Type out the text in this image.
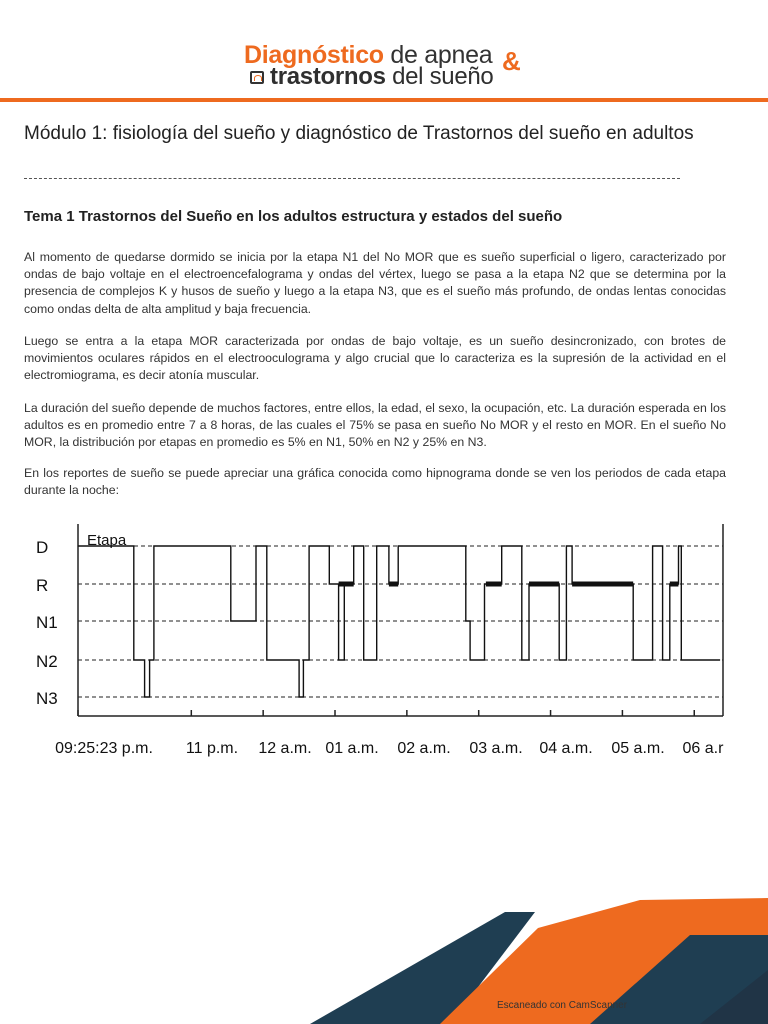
Diagnóstico de apnea &
trastornos del sueño
Módulo 1: fisiología del sueño y diagnóstico de Trastornos del sueño en adultos
Tema 1 Trastornos del Sueño en los adultos estructura y estados del sueño

Al momento de quedarse dormido se inicia por la etapa N1 del No MOR que es sueño superficial o ligero, caracterizado por ondas de bajo voltaje en el electroencefalograma y ondas del vértex, luego se pasa a la etapa N2 que se determina por la presencia de complejos K y husos de sueño y luego a la etapa N3, que es el sueño más profundo, de ondas lentas conocidas como ondas delta de alta amplitud y baja frecuencia.

Luego se entra a la etapa MOR caracterizada por ondas de bajo voltaje, es un sueño desincronizado, con brotes de movimientos oculares rápidos en el electrooculograma y algo crucial que lo caracteriza es la supresión de la actividad en el electromiograma, es decir atonía muscular.

La duración del sueño depende de muchos factores, entre ellos, la edad, el sexo, la ocupación, etc. La duración esperada en los adultos es en promedio entre 7 a 8 horas, de las cuales el 75% se pasa en sueño No MOR y el resto en MOR. En el sueño No MOR, la distribución por etapas en promedio es 5% en N1, 50% en N2 y 25% en N3.

En los reportes de sueño se puede apreciar una gráfica conocida como hipnograma donde se ven los periodos de cada etapa durante la noche:

D
R
N1
N2
N3
09:25:23 p.m. 11 p.m. 12 a.m. 01 a.m. 02 a.m. 03 a.m. 04 a.m. 05 a.m. 06 a.r
Etapa
Escaneado con CamScanner
